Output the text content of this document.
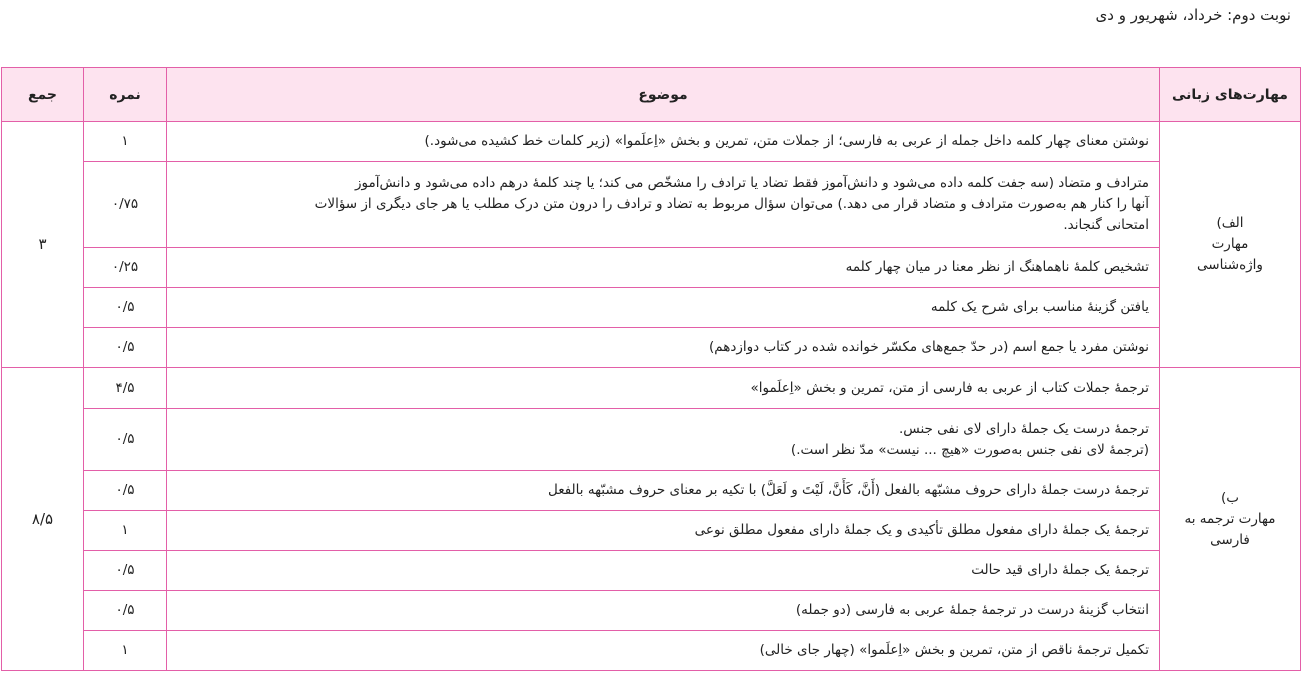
نوبت دوم: خرداد، شهریور و دی
مهارت‌های زبانی	موضوع	نمره	جمع

الف)
مهارت
واژه‌شناسی	نوشتن معنای چهار کلمه داخل جمله از عربی به فارسی؛ از جملات متن، تمرین و بخش «اِعلَموا» (زیر کلمات خط کشیده می‌شود.)	۱	۳

	مترادف و متضاد (سه جفت کلمه داده می‌شود و دانش‌آموز فقط تضاد یا ترادف را مشخّص می کند؛ یا چند کلمهٔ درهم داده می‌شود و دانش‌آموز
آنها را کنار هم به‌صورت مترادف و متضاد قرار می دهد.) می‌توان سؤال مربوط به تضاد و ترادف را درون متن درک مطلب یا هر جای دیگری از سؤالات
امتحانی گنجاند.	۰/۷۵	

	تشخیص کلمهٔ ناهماهنگ از نظر معنا در میان چهار کلمه	۰/۲۵	

	یافتن گزینهٔ مناسب برای شرح یک کلمه	۰/۵	

	نوشتن مفرد یا جمع اسم (در حدّ جمع‌های مکسّر خوانده شده در کتاب دوازدهم)	۰/۵	

ب)
مهارت ترجمه به
فارسی	ترجمهٔ جملات کتاب از عربی به فارسی از متن، تمرین و بخش «اِعلَموا»	۴/۵	۸/۵

	ترجمهٔ درست یک جملهٔ دارای لای نفی جنس.
(ترجمهٔ لای نفی جنس به‌صورت «هیچ ... نیست» مدّ نظر است.)	۰/۵	

	ترجمهٔ درست جملهٔ دارای حروف مشبّهه بالفعل (أَنَّ، كَأَنَّ، لَيْتَ و لَعَلَّ) با تکیه بر معنای حروف مشبّهه بالفعل	۰/۵	

	ترجمهٔ یک جملهٔ دارای مفعول مطلق تأکیدی و یک جملهٔ دارای مفعول مطلق نوعی	۱	

	ترجمهٔ یک جملهٔ دارای قید حالت	۰/۵	

	انتخاب گزینهٔ درست در ترجمهٔ جملهٔ عربی به فارسی (دو جمله)	۰/۵	

	تکمیل ترجمهٔ ناقص از متن، تمرین و بخش «اِعلَموا» (چهار جای خالی)	۱	
